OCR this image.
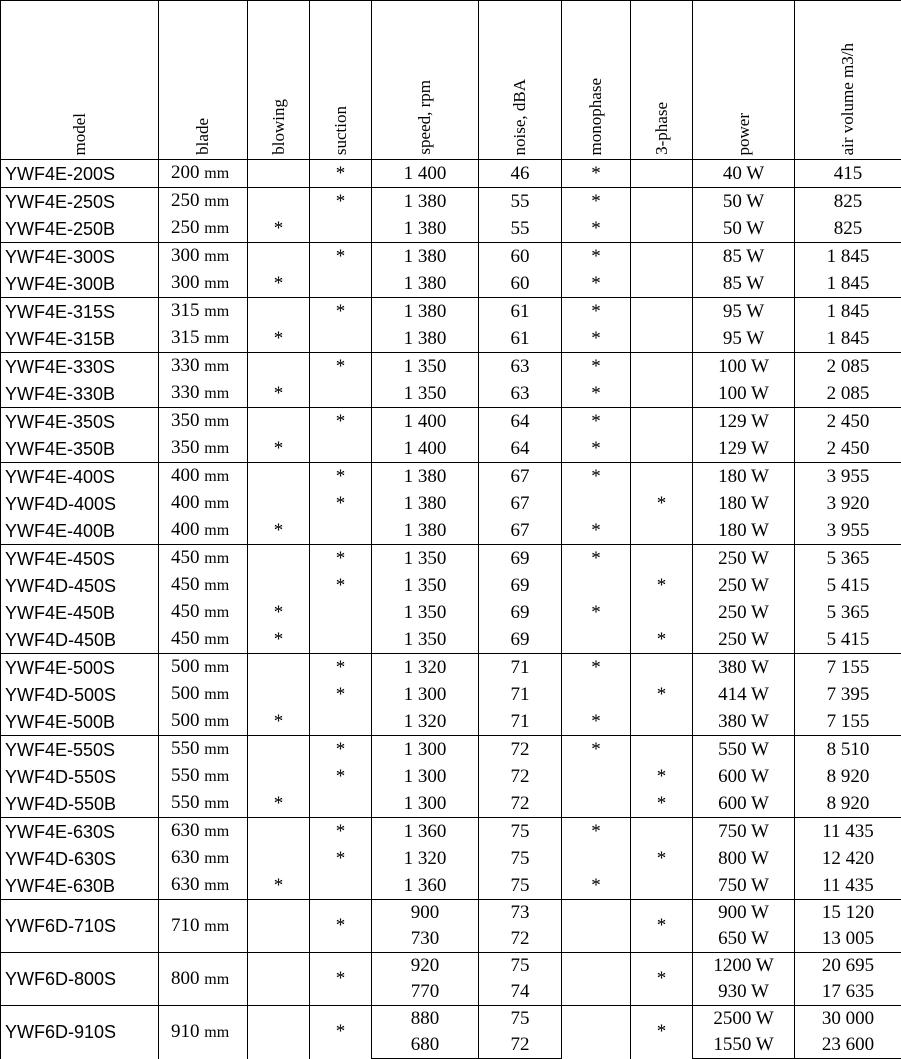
model	blade	blowing	suction	speed, rpm	noise, dBA	monophase	3-phase	power	air volume m3/h

YWF4E-200S	200 mm		*	1 400	46	*		40 W	415
YWF4E-250S	250 mm		*	1 380	55	*		50 W	825
YWF4E-250B	250 mm	*		1 380	55	*		50 W	825
YWF4E-300S	300 mm		*	1 380	60	*		85 W	1 845
YWF4E-300B	300 mm	*		1 380	60	*		85 W	1 845
YWF4E-315S	315 mm		*	1 380	61	*		95 W	1 845
YWF4E-315B	315 mm	*		1 380	61	*		95 W	1 845
YWF4E-330S	330 mm		*	1 350	63	*		100 W	2 085
YWF4E-330B	330 mm	*		1 350	63	*		100 W	2 085
YWF4E-350S	350 mm		*	1 400	64	*		129 W	2 450
YWF4E-350B	350 mm	*		1 400	64	*		129 W	2 450
YWF4E-400S	400 mm		*	1 380	67	*		180 W	3 955
YWF4D-400S	400 mm		*	1 380	67		*	180 W	3 920
YWF4E-400B	400 mm	*		1 380	67	*		180 W	3 955
YWF4E-450S	450 mm		*	1 350	69	*		250 W	5 365
YWF4D-450S	450 mm		*	1 350	69		*	250 W	5 415
YWF4E-450B	450 mm	*		1 350	69	*		250 W	5 365
YWF4D-450B	450 mm	*		1 350	69		*	250 W	5 415
YWF4E-500S	500 mm		*	1 320	71	*		380 W	7 155
YWF4D-500S	500 mm		*	1 300	71		*	414 W	7 395
YWF4E-500B	500 mm	*		1 320	71	*		380 W	7 155
YWF4E-550S	550 mm		*	1 300	72	*		550 W	8 510
YWF4D-550S	550 mm		*	1 300	72		*	600 W	8 920
YWF4D-550B	550 mm	*		1 300	72		*	600 W	8 920
YWF4E-630S	630 mm		*	1 360	75	*		750 W	11 435
YWF4D-630S	630 mm		*	1 320	75		*	800 W	12 420
YWF4E-630B	630 mm	*		1 360	75	*		750 W	11 435
YWF6D-710S	710 mm		*	900	73		*	900 W	15 120
				730	72			650 W	13 005
YWF6D-800S	800 mm		*	920	75		*	1200 W	20 695
				770	74			930 W	17 635
YWF6D-910S	910 mm		*	880	75		*	2500 W	30 000
				680	72			1550 W	23 600
